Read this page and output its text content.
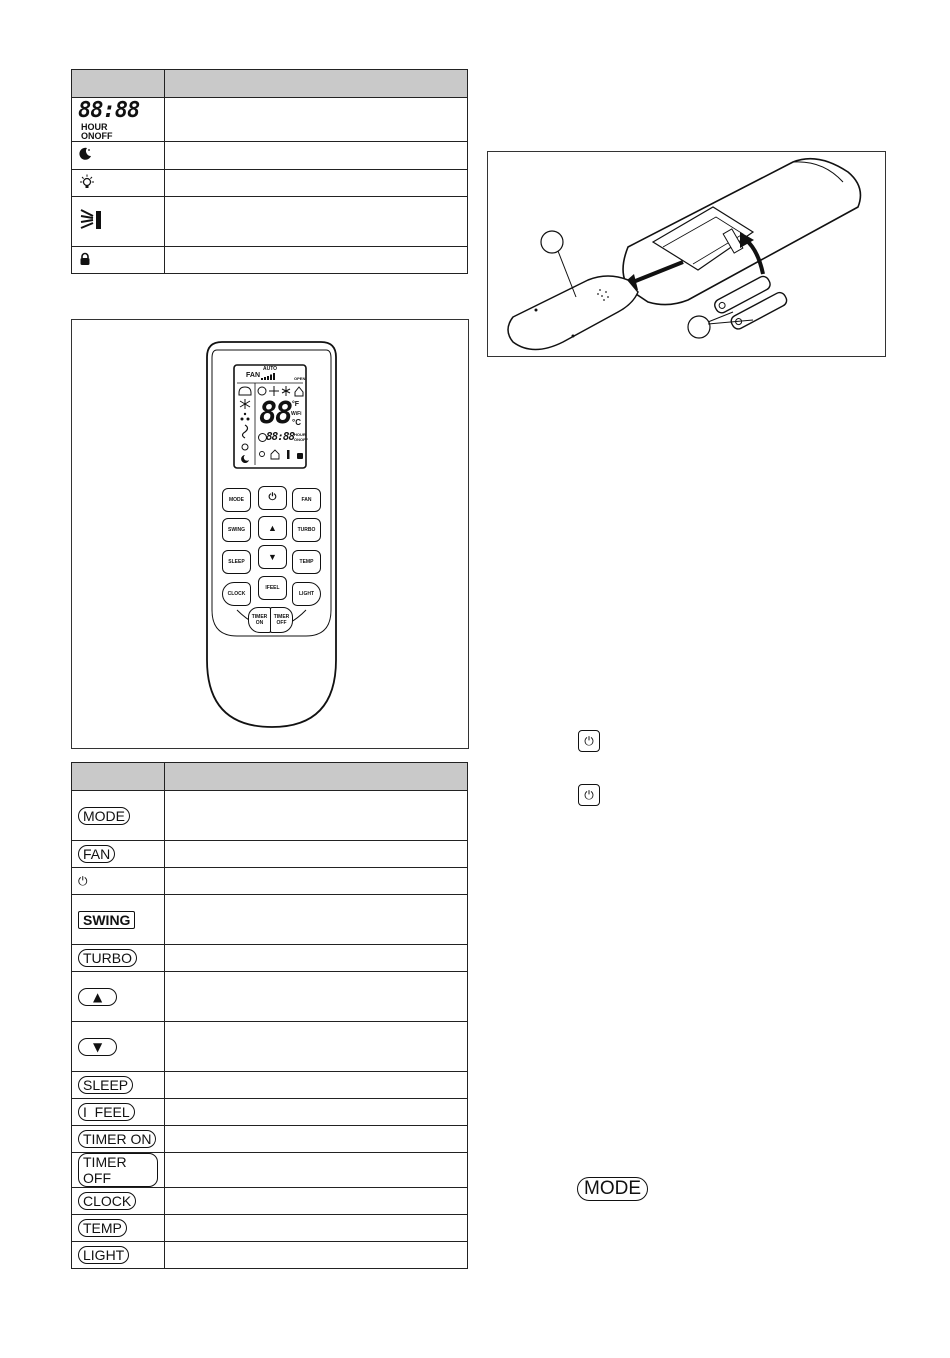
88:88HOUR
ONOFF	

FAN
AUTO
OPEN
88 °F
WiFi
°C
88:88 HOUR
ONOFF
MODE	⏻	FAN
SWING	▲	TURBO
SLEEP	▼	TEMP
IFEEL
CLOCK	LIGHT
TIMER
ON
TIMER
OFF

MODE	
FAN	
⏻	
SWING	
TURBO	
▲	
▼	
SLEEP	
I  FEEL	
TIMER ON	
TIMER OFF	
CLOCK	
TEMP	
LIGHT	
⏻
⏻
MODE
